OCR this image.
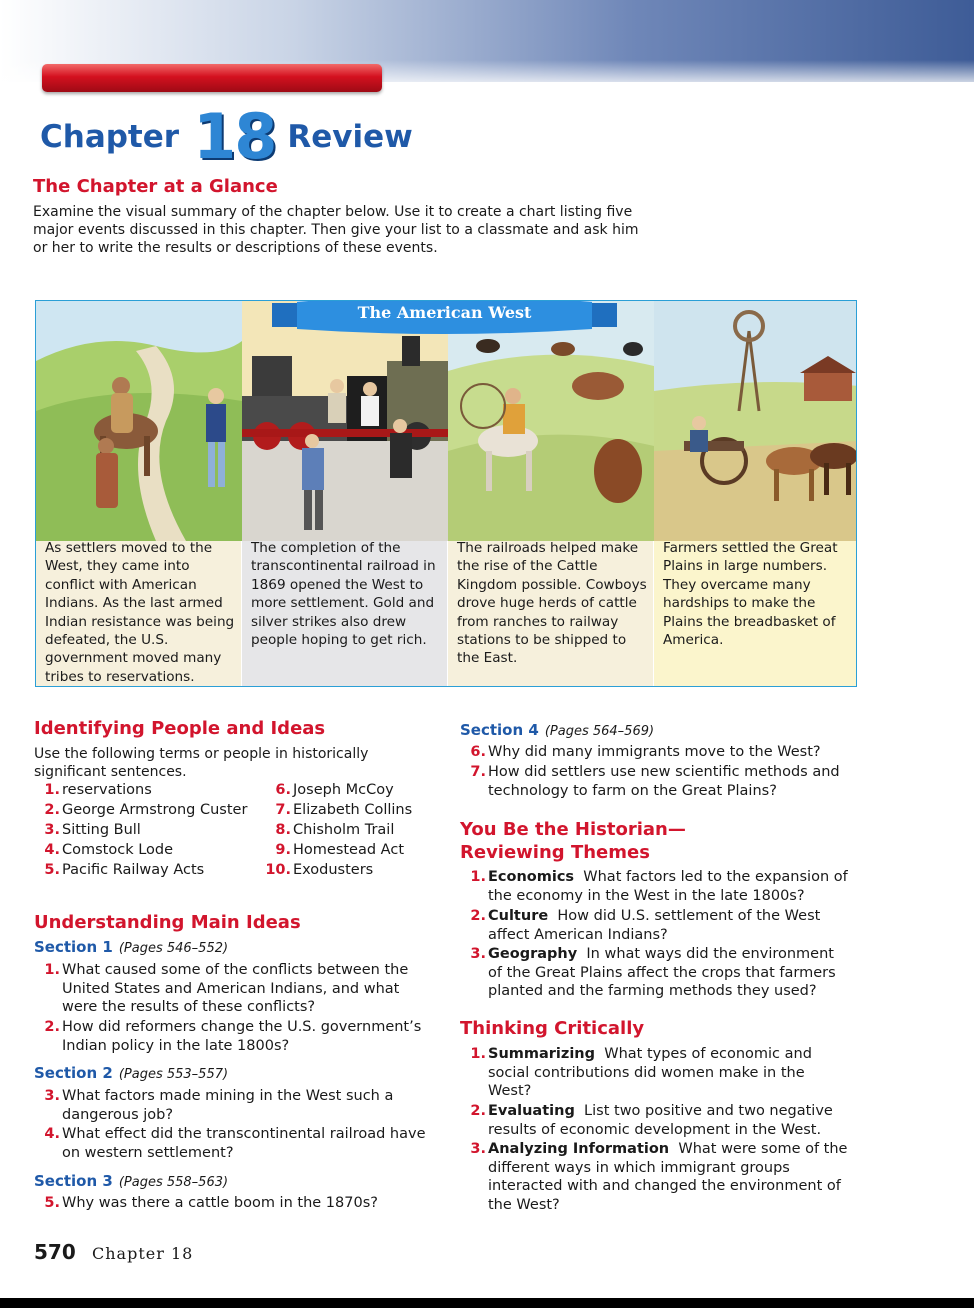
Chapter 18 Review
The Chapter at a Glance
Examine the visual summary of the chapter below. Use it to create a chart listing five major events discussed in this chapter. Then give your list to a classmate and ask him or her to write the results or descriptions of these events.
As settlers moved to the West, they came into conflict with American Indians. As the last armed Indian resistance was being defeated, the U.S. government moved many tribes to reservations.
The completion of the transcontinental railroad in 1869 opened the West to more settlement. Gold and silver strikes also drew people hoping to get rich.
The railroads helped make the rise of the Cattle Kingdom possible. Cowboys drove huge herds of cattle from ranches to railway stations to be shipped to the East.
Farmers settled the Great Plains in large numbers. They overcame many hardships to make the Plains the breadbasket of America.
The American West
Identifying People and Ideas
Use the following terms or people in historically significant sentences.
1. reservations
2. George Armstrong Custer
3. Sitting Bull
4. Comstock Lode
5. Pacific Railway Acts
6. Joseph McCoy
7. Elizabeth Collins
8. Chisholm Trail
9. Homestead Act
10. Exodusters
Understanding Main Ideas
Section 1 (Pages 546–552)
1. What caused some of the conflicts between the United States and American Indians, and what were the results of these conflicts?
2. How did reformers change the U.S. government’s Indian policy in the late 1800s?
Section 2 (Pages 553–557)
3. What factors made mining in the West such a dangerous job?
4. What effect did the transcontinental railroad have on western settlement?
Section 3 (Pages 558–563)
5. Why was there a cattle boom in the 1870s?
Section 4 (Pages 564–569)
6. Why did many immigrants move to the West?
7. How did settlers use new scientific methods and technology to farm on the Great Plains?
You Be the Historian—
Reviewing Themes
1. Economics What factors led to the expansion of the economy in the West in the late 1800s?
2. Culture How did U.S. settlement of the West affect American Indians?
3. Geography In what ways did the environment of the Great Plains affect the crops that farmers planted and the farming methods they used?
Thinking Critically
1. Summarizing What types of economic and social contributions did women make in the West?
2. Evaluating List two positive and two negative results of economic development in the West.
3. Analyzing Information What were some of the different ways in which immigrant groups interacted with and changed the environment of the West?
570 Chapter 18
